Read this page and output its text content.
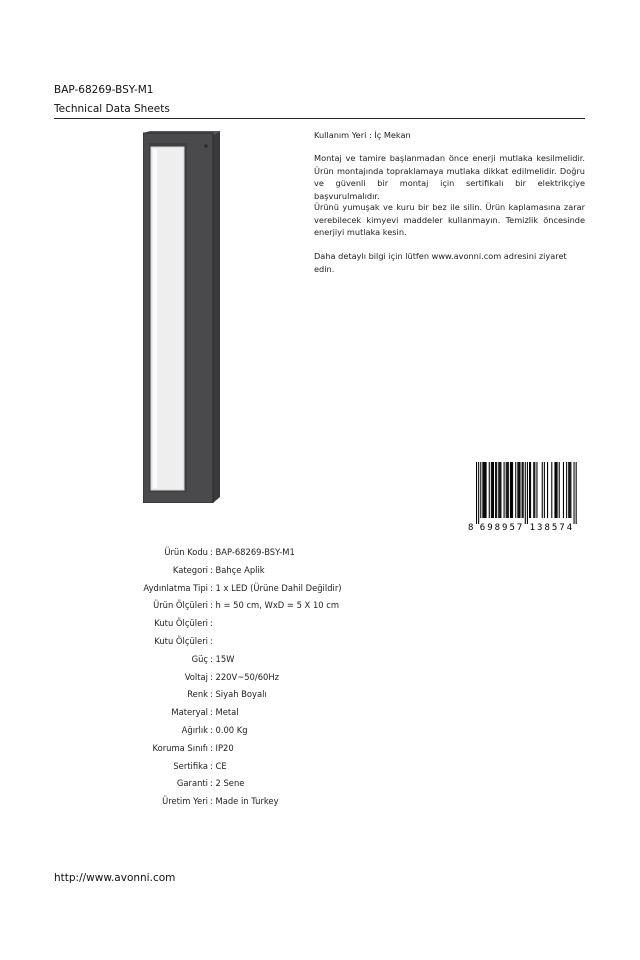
BAP-68269-BSY-M1
Technical Data Sheets
Kullanım Yeri : İç Mekan
Montaj ve tamire başlanmadan önce enerji mutlaka kesilmelidir. Ürün montajında topraklamaya mutlaka dikkat edilmelidir. Doğru ve güvenli bir montaj için sertifikalı bir elektrikçiye başvurulmalıdır.
Ürünü yumuşak ve kuru bir bez ile silin. Ürün kaplamasına zarar verebilecek kimyevi maddeler kullanmayın. Temizlik öncesinde enerjiyi mutlaka kesin.
Daha detaylı bilgi için lütfen www.avonni.com adresini ziyaret edin.
8 6 9 8 9 5 7 1 3 8 5 7 4
Ürün Kodu : BAP-68269-BSY-M1
Kategori : Bahçe Aplik
Aydınlatma Tipi : 1 x LED (Ürüne Dahil Değildir)
Ürün Ölçüleri : h = 50 cm, WxD = 5 X 10 cm
Kutu Ölçüleri
:
Kutu Ölçüleri
:
Güç : 15W
Voltaj : 220V~50/60Hz
Renk : Siyah Boyalı
Materyal : Metal
Ağırlık : 0.00 Kg
Koruma Sınıfı : IP20
Sertifika : CE
Garanti : 2 Sene
Üretim Yeri : Made in Turkey
http://www.avonni.com
